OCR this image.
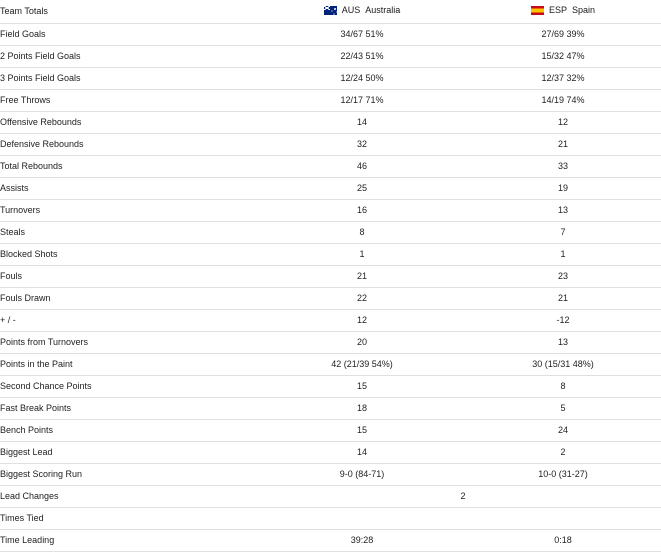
Team Totals	AUS Australia		ESP Spain

Field Goals	34/67 51%		27/69 39%
2 Points Field Goals	22/43 51%		15/32 47%
3 Points Field Goals	12/24 50%		12/37 32%
Free Throws	12/17 71%		14/19 74%
Offensive Rebounds	14		12
Defensive Rebounds	32		21
Total Rebounds	46		33
Assists	25		19
Turnovers	16		13
Steals	8		7
Blocked Shots	1		1
Fouls	21		23
Fouls Drawn	22		21
+ / -	12		-12
Points from Turnovers	20		13
Points in the Paint	42 (21/39 54%)		30 (15/31 48%)
Second Chance Points	15		8
Fast Break Points	18		5
Bench Points	15		24
Biggest Lead	14		2
Biggest Scoring Run	9-0 (84-71)		10-0 (31-27)
Lead Changes	2		
Times Tied			
Time Leading	39:28		0:18
